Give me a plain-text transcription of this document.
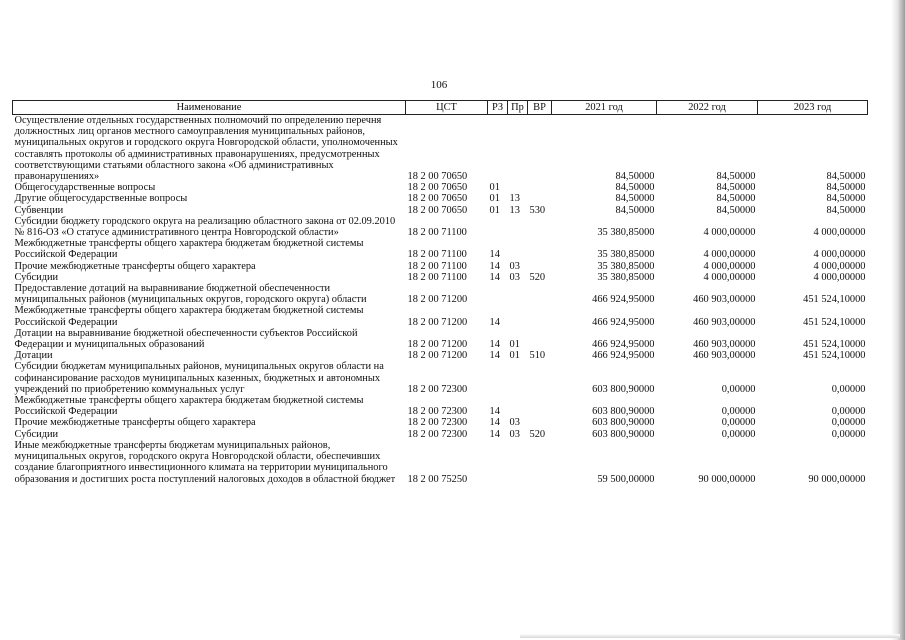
106
Наименование	ЦСТ	РЗ	Пр	ВР	2021 год	2022 год	2023 год
Осуществление отдельных государственных полномочий по определению перечня должностных лиц органов местного самоуправления муниципальных районов, муниципальных округов и городского округа Новгородской области, уполномоченных составлять протоколы об административных правонарушениях, предусмотренных соответствующими статьями областного закона «Об административных правонарушениях»	18 2 00 70650				84,50000	84,50000	84,50000
Общегосударственные вопросы	18 2 00 70650	01			84,50000	84,50000	84,50000
Другие общегосударственные вопросы	18 2 00 70650	01	13		84,50000	84,50000	84,50000
Субвенции	18 2 00 70650	01	13	530	84,50000	84,50000	84,50000
Субсидии бюджету городского округа на реализацию областного закона от 02.09.2010 № 816-ОЗ «О статусе административного центра Новгородской области»	18 2 00 71100				35 380,85000	4 000,00000	4 000,00000
Межбюджетные трансферты общего характера бюджетам бюджетной системы Российской Федерации	18 2 00 71100	14			35 380,85000	4 000,00000	4 000,00000
Прочие межбюджетные трансферты общего характера	18 2 00 71100	14	03		35 380,85000	4 000,00000	4 000,00000
Субсидии	18 2 00 71100	14	03	520	35 380,85000	4 000,00000	4 000,00000
Предоставление дотаций на выравнивание бюджетной обеспеченности муниципальных районов (муниципальных округов, городского округа) области	18 2 00 71200				466 924,95000	460 903,00000	451 524,10000
Межбюджетные трансферты общего характера бюджетам бюджетной системы Российской Федерации	18 2 00 71200	14			466 924,95000	460 903,00000	451 524,10000
Дотации на выравнивание бюджетной обеспеченности субъектов Российской Федерации и муниципальных образований	18 2 00 71200	14	01		466 924,95000	460 903,00000	451 524,10000
Дотации	18 2 00 71200	14	01	510	466 924,95000	460 903,00000	451 524,10000
Субсидии бюджетам муниципальных районов, муниципальных округов области на софинансирование расходов муниципальных казенных, бюджетных и автономных учреждений по приобретению коммунальных услуг	18 2 00 72300				603 800,90000	0,00000	0,00000
Межбюджетные трансферты общего характера бюджетам бюджетной системы Российской Федерации	18 2 00 72300	14			603 800,90000	0,00000	0,00000
Прочие межбюджетные трансферты общего характера	18 2 00 72300	14	03		603 800,90000	0,00000	0,00000
Субсидии	18 2 00 72300	14	03	520	603 800,90000	0,00000	0,00000
Иные межбюджетные трансферты бюджетам муниципальных районов, муниципальных округов, городского округа Новгородской области, обеспечивших создание благоприятного инвестиционного климата на территории муниципального образования и достигших роста поступлений налоговых доходов в областной бюджет	18 2 00 75250				59 500,00000	90 000,00000	90 000,00000
